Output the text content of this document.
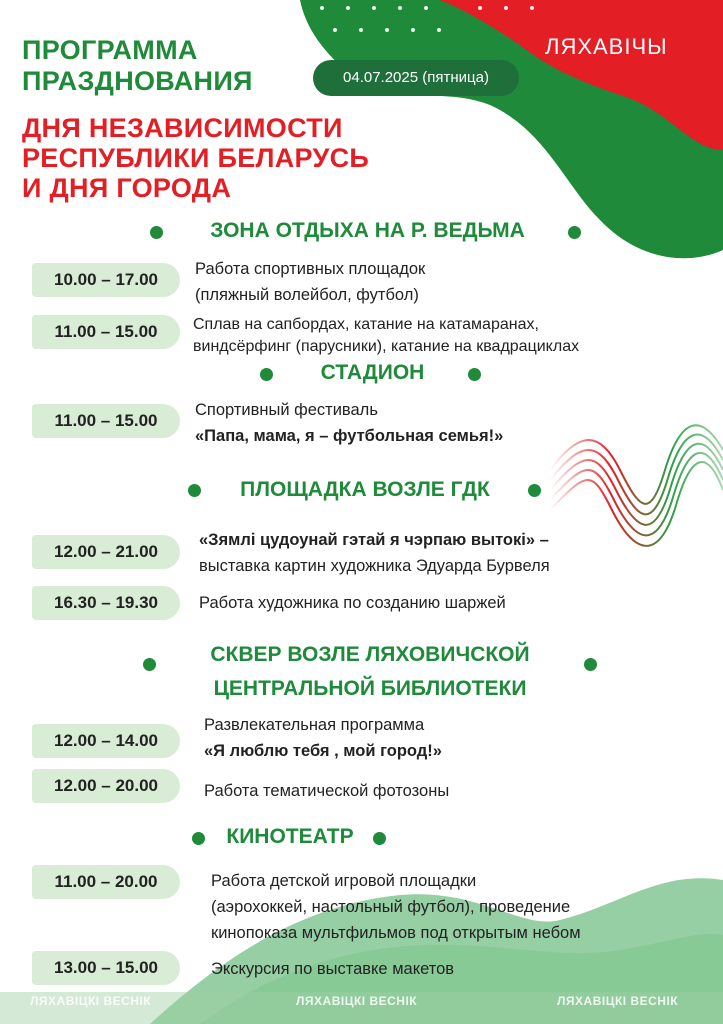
ПРОГРАММА
ПРАЗДНОВАНИЯ
ДНЯ НЕЗАВИСИМОСТИ
РЕСПУБЛИКИ БЕЛАРУСЬ
И ДНЯ ГОРОДА
04.07.2025 (пятница)
ЛЯХАВІЧЫ
ЗОНА ОТДЫХА НА Р. ВЕДЬМА
10.00 – 17.00
Работа спортивных площадок
(пляжный волейбол, футбол)
11.00 – 15.00	Сплав на сапбордах, катание на катамаранах,
виндсёрфинг (парусники), катание на квадрациклах
СТАДИОН
11.00 – 15.00
Спортивный фестиваль
«Папа, мама, я – футбольная семья!»
ПЛОЩАДКА ВОЗЛЕ ГДК
12.00 – 21.00
«Зямлі цудоунай гэтай я чэрпаю вытокі» –
выставка картин художника Эдуарда Бурвеля
16.30 – 19.30	Работа художника по созданию шаржей
СКВЕР ВОЗЛЕ ЛЯХОВИЧСКОЙ
ЦЕНТРАЛЬНОЙ БИБЛИОТЕКИ
12.00 – 14.00
Развлекательная программа
«Я люблю тебя , мой город!»
12.00 – 20.00	Работа тематической фотозоны
КИНОТЕАТР
11.00 – 20.00	Работа детской игровой площадки
(аэрохоккей, настольный футбол), проведение
кинопоказа мультфильмов под открытым небом
13.00 – 15.00	Экскурсия по выставке макетов
ЛЯХАВІЦКІ ВЕСНІК	ЛЯХАВІЦКІ ВЕСНІК	ЛЯХАВІЦКІ ВЕСНІК
